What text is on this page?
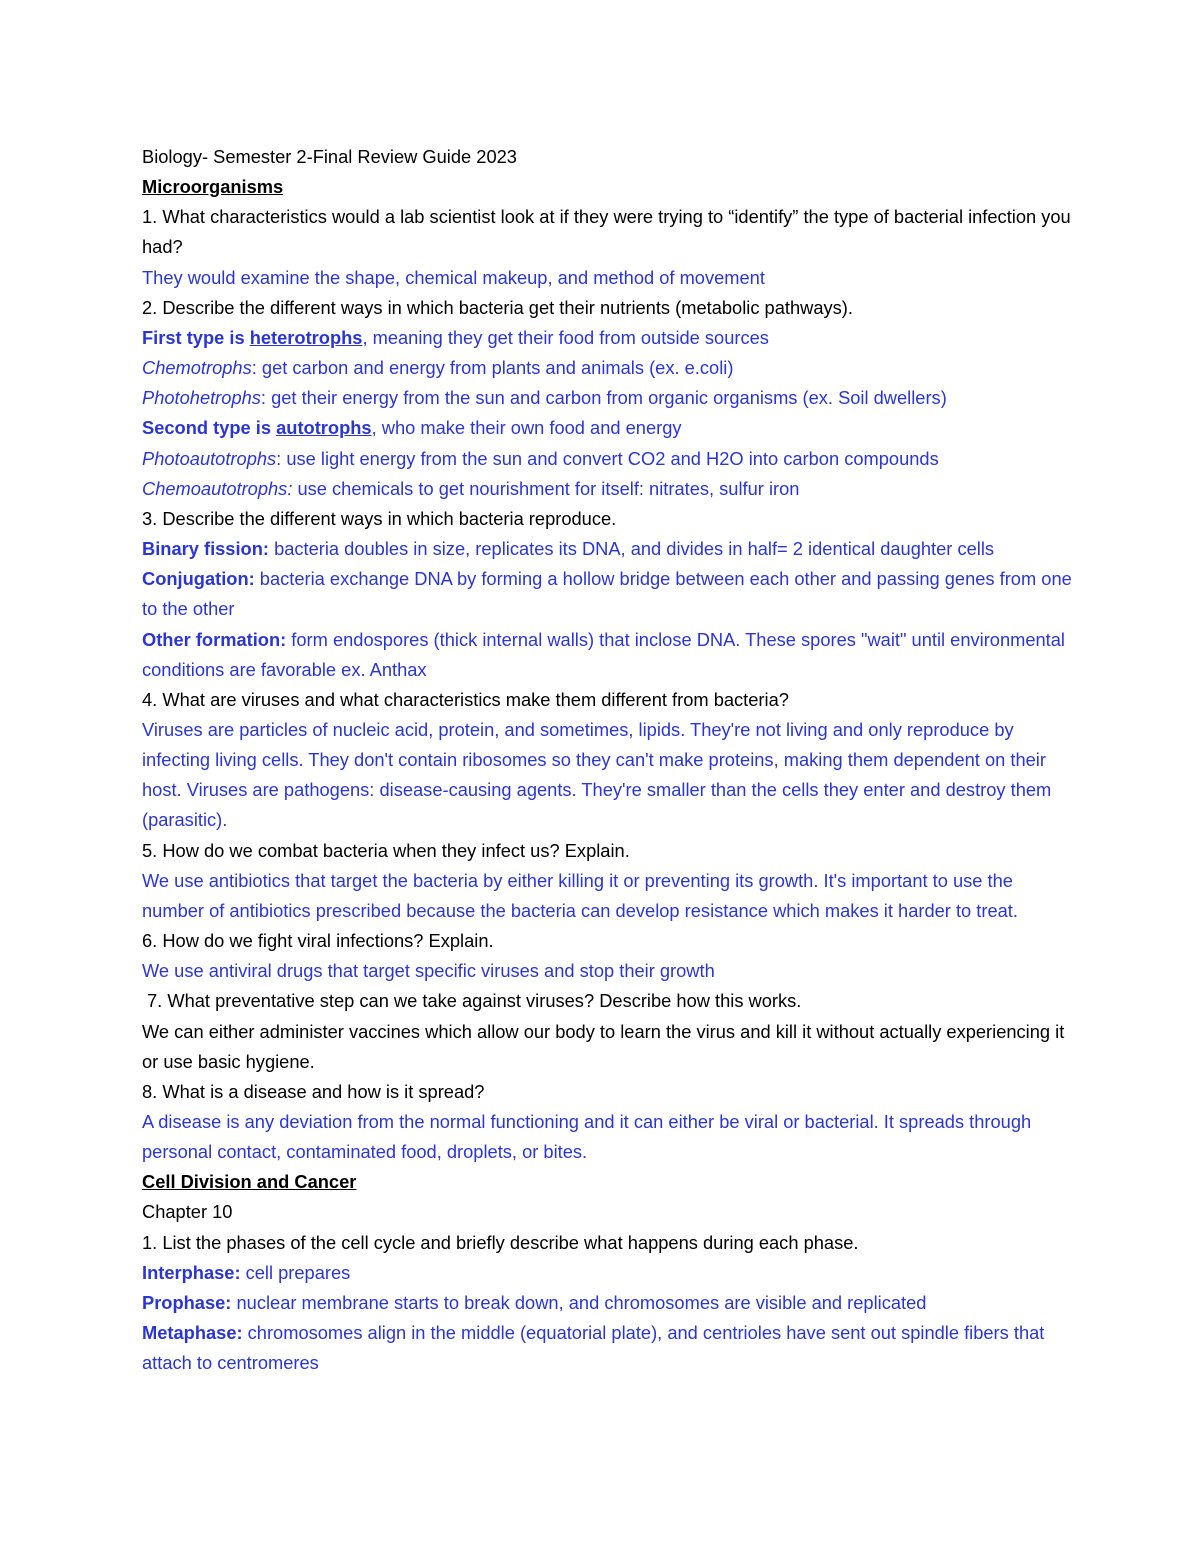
Biology- Semester 2-Final Review Guide 2023
Microorganisms
1. What characteristics would a lab scientist look at if they were trying to “identify” the type of bacterial infection you had?
They would examine the shape, chemical makeup, and method of movement
2. Describe the different ways in which bacteria get their nutrients (metabolic pathways).
First type is heterotrophs, meaning they get their food from outside sources
Chemotrophs: get carbon and energy from plants and animals (ex. e.coli)
Photohetrophs: get their energy from the sun and carbon from organic organisms (ex. Soil dwellers)
Second type is autotrophs, who make their own food and energy
Photoautotrophs: use light energy from the sun and convert CO2 and H2O into carbon compounds
Chemoautotrophs: use chemicals to get nourishment for itself: nitrates, sulfur iron
3. Describe the different ways in which bacteria reproduce.
Binary fission: bacteria doubles in size, replicates its DNA, and divides in half= 2 identical daughter cells
Conjugation: bacteria exchange DNA by forming a hollow bridge between each other and passing genes from one to the other
Other formation: form endospores (thick internal walls) that inclose DNA. These spores "wait" until environmental conditions are favorable ex. Anthax
4. What are viruses and what characteristics make them different from bacteria?
Viruses are particles of nucleic acid, protein, and sometimes, lipids. They're not living and only reproduce by infecting living cells. They don't contain ribosomes so they can't make proteins, making them dependent on their host. Viruses are pathogens: disease-causing agents. They're smaller than the cells they enter and destroy them (parasitic).
5. How do we combat bacteria when they infect us? Explain.
We use antibiotics that target the bacteria by either killing it or preventing its growth. It's important to use the number of antibiotics prescribed because the bacteria can develop resistance which makes it harder to treat.
6. How do we fight viral infections? Explain.
We use antiviral drugs that target specific viruses and stop their growth
7. What preventative step can we take against viruses? Describe how this works.
We can either administer vaccines which allow our body to learn the virus and kill it without actually experiencing it or use basic hygiene.
8. What is a disease and how is it spread?
A disease is any deviation from the normal functioning and it can either be viral or bacterial. It spreads through personal contact, contaminated food, droplets, or bites.
Cell Division and Cancer
Chapter 10
1. List the phases of the cell cycle and briefly describe what happens during each phase.
Interphase: cell prepares
Prophase: nuclear membrane starts to break down, and chromosomes are visible and replicated
Metaphase: chromosomes align in the middle (equatorial plate), and centrioles have sent out spindle fibers that attach to centromeres
